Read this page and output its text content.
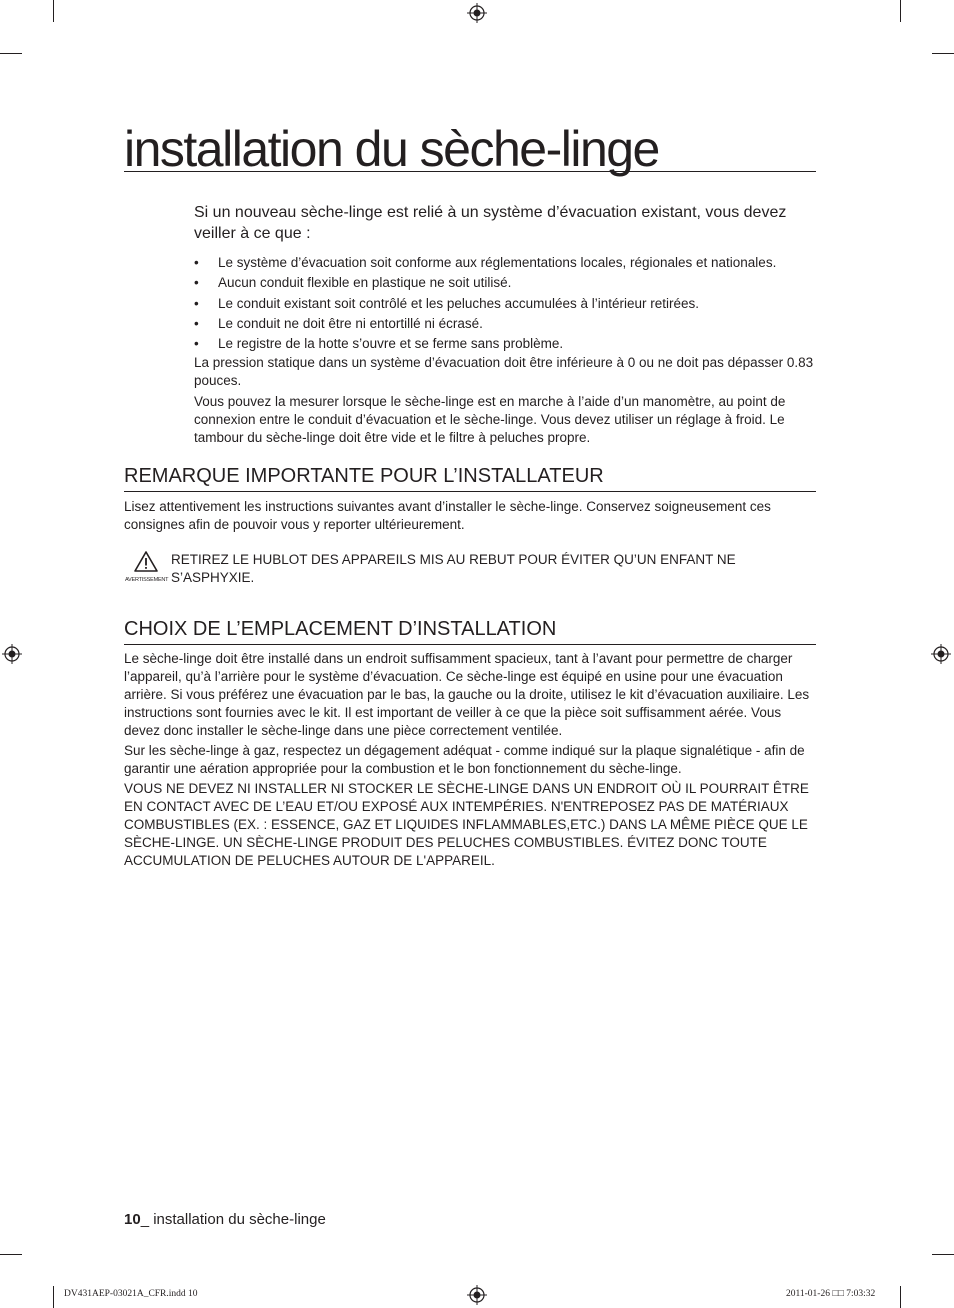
installation du sèche-linge
Si un nouveau sèche-linge est relié à un système d’évacuation existant, vous devez veiller à ce que :
• Le système d’évacuation soit conforme aux réglementations locales, régionales et nationales.
• Aucun conduit flexible en plastique ne soit utilisé.
• Le conduit existant soit contrôlé et les peluches accumulées à l’intérieur retirées.
• Le conduit ne doit être ni entortillé ni écrasé.
• Le registre de la hotte s’ouvre et se ferme sans problème.

La pression statique dans un système d’évacuation doit être inférieure à 0 ou ne doit pas dépasser 0.83 pouces.

Vous pouvez la mesurer lorsque le sèche-linge est en marche à l’aide d’un manomètre, au point de connexion entre le conduit d’évacuation et le sèche-linge. Vous devez utiliser un réglage à froid. Le tambour du sèche-linge doit être vide et le filtre à peluches propre.

REMARQUE IMPORTANTE POUR L’INSTALLATEUR

Lisez attentivement les instructions suivantes avant d’installer le sèche-linge. Conservez soigneusement ces consignes afin de pouvoir vous y reporter ultérieurement.

AVERTISSEMENT
RETIREZ LE HUBLOT DES APPAREILS MIS AU REBUT POUR ÉVITER QU’UN ENFANT NE S’ASPHYXIE.
CHOIX DE L’EMPLACEMENT D’INSTALLATION

Le sèche-linge doit être installé dans un endroit suffisamment spacieux, tant à l’avant pour permettre de charger l’appareil, qu’à l’arrière pour le système d’évacuation. Ce sèche-linge est équipé en usine pour une évacuation arrière. Si vous préférez une évacuation par le bas, la gauche ou la droite, utilisez le kit d’évacuation auxiliaire. Les instructions sont fournies avec le kit. Il est important de veiller à ce que la pièce soit suffisamment aérée. Vous devez donc installer le sèche-linge dans une pièce correctement ventilée.

Sur les sèche-linge à gaz, respectez un dégagement adéquat - comme indiqué sur la plaque signalétique - afin de garantir une aération appropriée pour la combustion et le bon fonctionnement du sèche-linge.

VOUS NE DEVEZ NI INSTALLER NI STOCKER LE SÈCHE-LINGE DANS UN ENDROIT OÙ IL POURRAIT ÊTRE EN CONTACT AVEC DE L’EAU ET/OU EXPOSÉ AUX INTEMPÉRIES. N'ENTREPOSEZ PAS DE MATÉRIAUX COMBUSTIBLES (EX. : ESSENCE, GAZ ET LIQUIDES INFLAMMABLES,ETC.) DANS LA MÊME PIÈCE QUE LE SÈCHE-LINGE. UN SÈCHE-LINGE PRODUIT DES PELUCHES COMBUSTIBLES. ÉVITEZ DONC TOUTE ACCUMULATION DE PELUCHES AUTOUR DE L'APPAREIL.

10_ installation du sèche-linge
DV431AEP-03021A_CFR.indd 10	2011-01-26 □□ 7:03:32
